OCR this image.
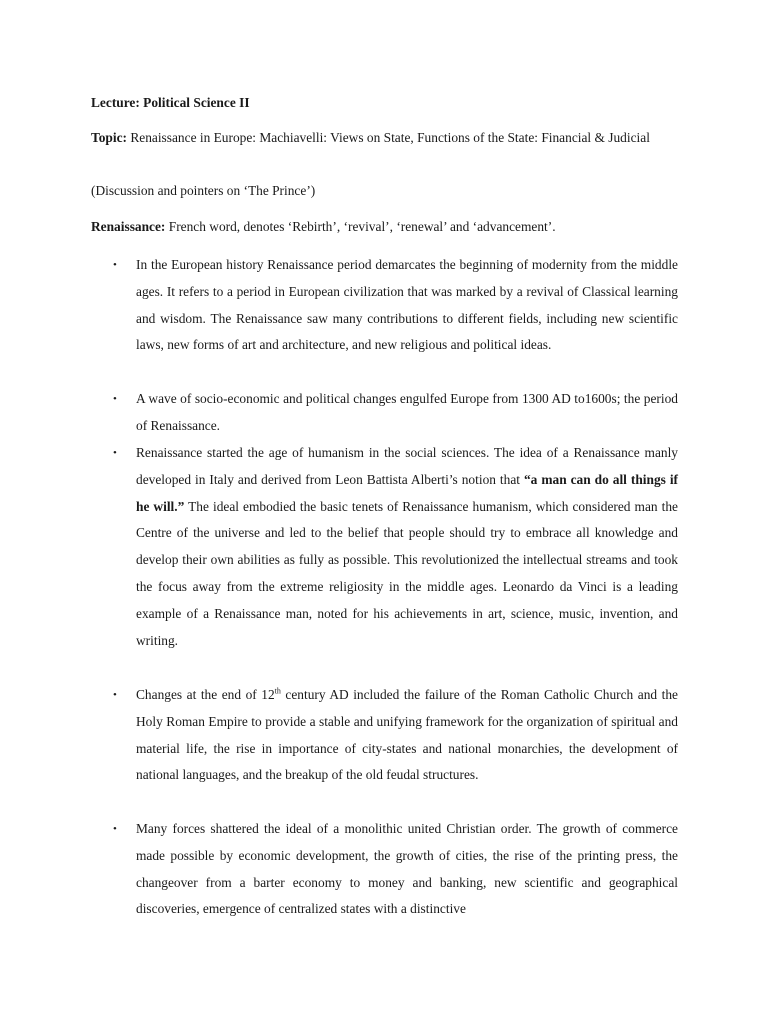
Lecture: Political Science II
Topic: Renaissance in Europe: Machiavelli: Views on State, Functions of the State: Financial & Judicial
(Discussion and pointers on ‘The Prince’)
Renaissance: French word, denotes ‘Rebirth’, ‘revival’, ‘renewal’ and ‘advancement’.
• In the European history Renaissance period demarcates the beginning of modernity from the middle ages. It refers to a period in European civilization that was marked by a revival of Classical learning and wisdom. The Renaissance saw many contributions to different fields, including new scientific laws, new forms of art and architecture, and new religious and political ideas.
• A wave of socio-economic and political changes engulfed Europe from 1300 AD to1600s; the period of Renaissance.
• Renaissance started the age of humanism in the social sciences. The idea of a Renaissance manly developed in Italy and derived from Leon Battista Alberti’s notion that “a man can do all things if he will.” The ideal embodied the basic tenets of Renaissance humanism, which considered man the Centre of the universe and led to the belief that people should try to embrace all knowledge and develop their own abilities as fully as possible. This revolutionized the intellectual streams and took the focus away from the extreme religiosity in the middle ages. Leonardo da Vinci is a leading example of a Renaissance man, noted for his achievements in art, science, music, invention, and writing.
• Changes at the end of 12th century AD included the failure of the Roman Catholic Church and the Holy Roman Empire to provide a stable and unifying framework for the organization of spiritual and material life, the rise in importance of city-states and national monarchies, the development of national languages, and the breakup of the old feudal structures.
• Many forces shattered the ideal of a monolithic united Christian order. The growth of commerce made possible by economic development, the growth of cities, the rise of the printing press, the changeover from a barter economy to money and banking, new scientific and geographical discoveries, emergence of centralized states with a distinctive
